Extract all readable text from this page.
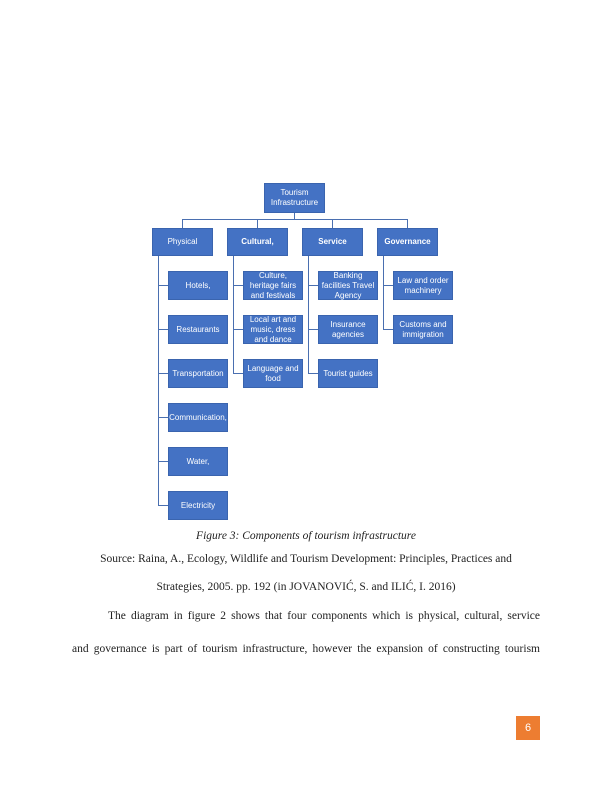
Tourism Infrastructure
Physical	Cultural,	Service	Governance
Hotels,
Restaurants
Transportation
Communication,
Water,
Electricity
Culture, heritage fairs and festivals
Local art and music, dress and dance
Language and food
Banking facilities Travel Agency
Insurance agencies
Tourist guides
Law and order machinery
Customs and immigration
Figure 3: Components of tourism infrastructure
Source: Raina, A., Ecology, Wildlife and Tourism Development: Principles, Practices and
Strategies, 2005. pp. 192 (in JOVANOVIĆ, S. and ILIĆ, I. 2016)
The diagram in figure 2 shows that four components which is physical, cultural, service
and governance is part of tourism infrastructure, however the expansion of constructing tourism
6
